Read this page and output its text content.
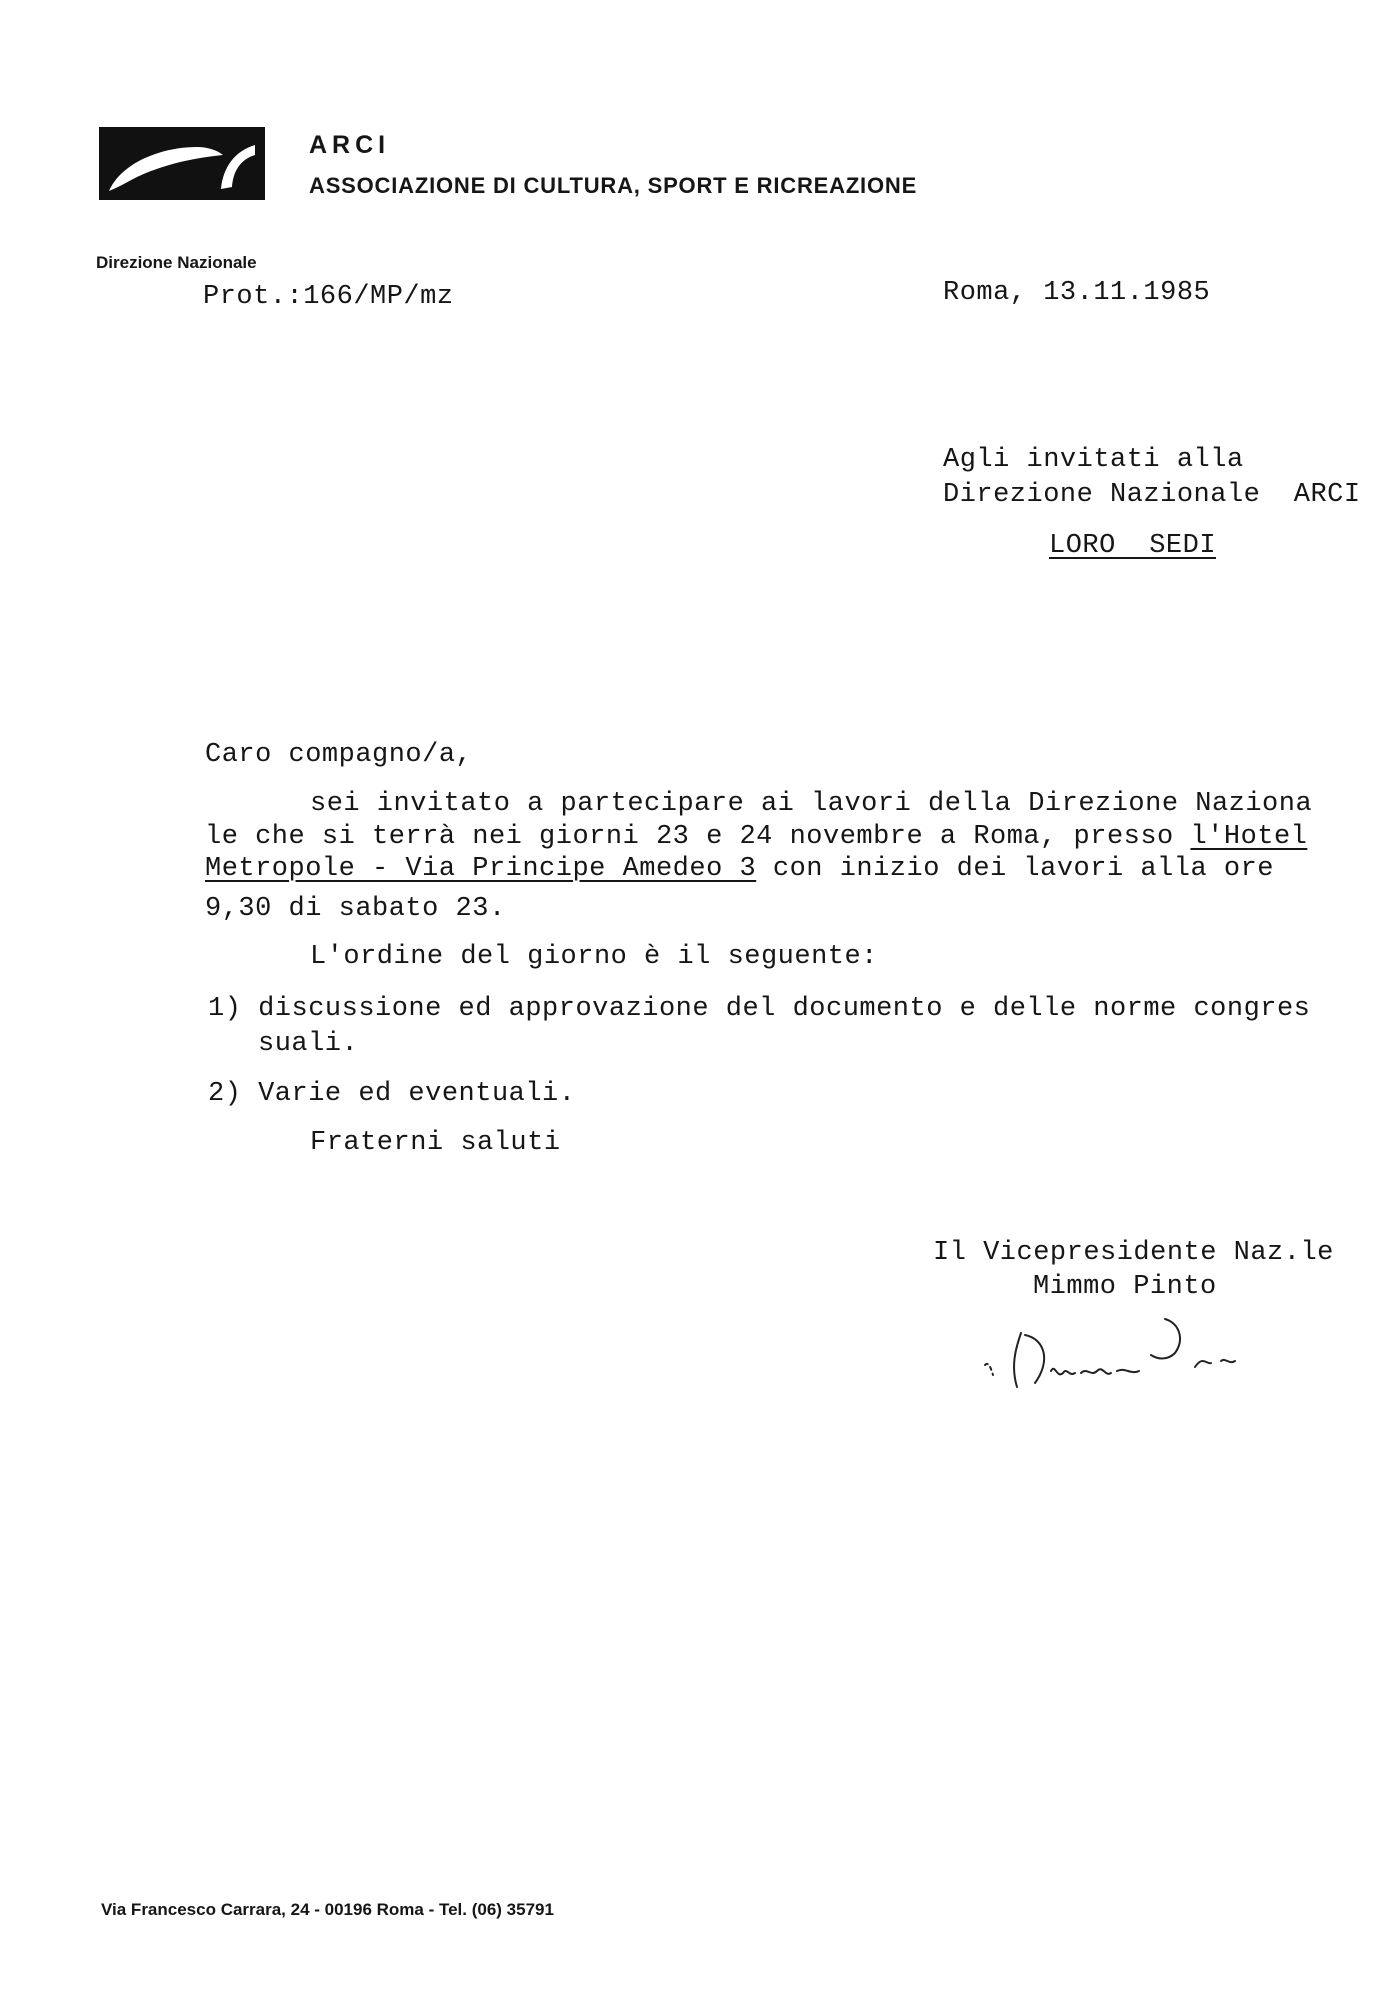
ARCI
ASSOCIAZIONE DI CULTURA, SPORT E RICREAZIONE
Direzione Nazionale
Prot.:166/MP/mz	Roma, 13.11.1985
Agli invitati alla
Direzione Nazionale  ARCI
LORO  SEDI
Caro compagno/a,
sei invitato a partecipare ai lavori della Direzione Naziona
le che si terrà nei giorni 23 e 24 novembre a Roma, presso l'Hotel
Metropole - Via Principe Amedeo 3 con inizio dei lavori alla ore
9,30 di sabato 23.
L'ordine del giorno è il seguente:
1) discussione ed approvazione del documento e delle norme congres
suali.
2) Varie ed eventuali.
Fraterni saluti
Il Vicepresidente Naz.le
Mimmo Pinto
Via Francesco Carrara, 24 - 00196 Roma - Tel. (06) 35791
